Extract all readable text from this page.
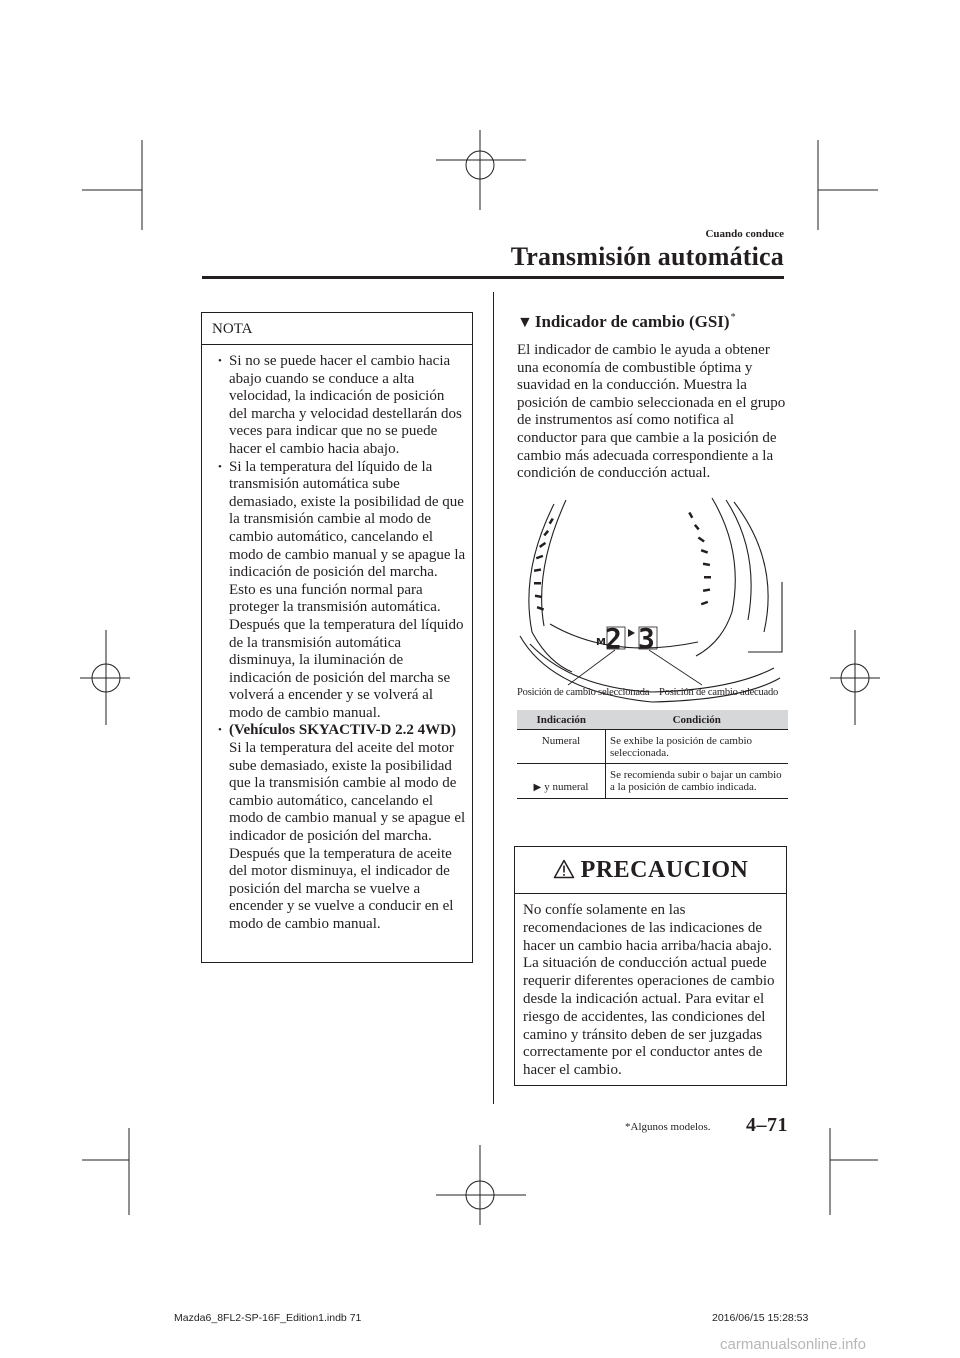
Cuando conduce
Transmisión automática
NOTA
• Si no se puede hacer el cambio hacia abajo cuando se conduce a alta velocidad, la indicación de posición del marcha y velocidad destellarán dos veces para indicar que no se puede hacer el cambio hacia abajo.
• Si la temperatura del líquido de la transmisión automática sube demasiado, existe la posibilidad de que la transmisión cambie al modo de cambio automático, cancelando el modo de cambio manual y se apague la indicación de posición del marcha. Esto es una función normal para proteger la transmisión automática. Después que la temperatura del líquido de la transmisión automática disminuya, la iluminación de indicación de posición del marcha se volverá a encender y se volverá al modo de cambio manual.
• (Vehículos SKYACTIV-D 2.2 4WD)
Si la temperatura del aceite del motor sube demasiado, existe la posibilidad que la transmisión cambie al modo de cambio automático, cancelando el modo de cambio manual y se apague el indicador de posición del marcha. Después que la temperatura de aceite del motor disminuya, el indicador de posición del marcha se vuelve a encender y se vuelve a conducir en el modo de cambio manual.
▼ Indicador de cambio (GSI)*
El indicador de cambio le ayuda a obtener una economía de combustible óptima y suavidad en la conducción. Muestra la posición de cambio seleccionada en el grupo de instrumentos así como notifica al conductor para que cambie a la posición de cambio más adecuada correspondiente a la condición de conducción actual.
M 2 3
Posición de cambio seleccionada Posición de cambio adecuado
Indicación	Condición
Numeral	Se exhibe la posición de cambio seleccionada.

▶ y numeral	Se recomienda subir o bajar un cambio a la posición de cambio indicada.
PRECAUCION
No confíe solamente en las recomendaciones de las indicaciones de hacer un cambio hacia arriba/hacia abajo. La situación de conducción actual puede requerir diferentes operaciones de cambio desde la indicación actual. Para evitar el riesgo de accidentes, las condiciones del camino y tránsito deben de ser juzgadas correctamente por el conductor antes de hacer el cambio.
*Algunos modelos. 4–71
Mazda6_8FL2-SP-16F_Edition1.indb 71	2016/06/15 15:28:53
carmanualsonline.info
